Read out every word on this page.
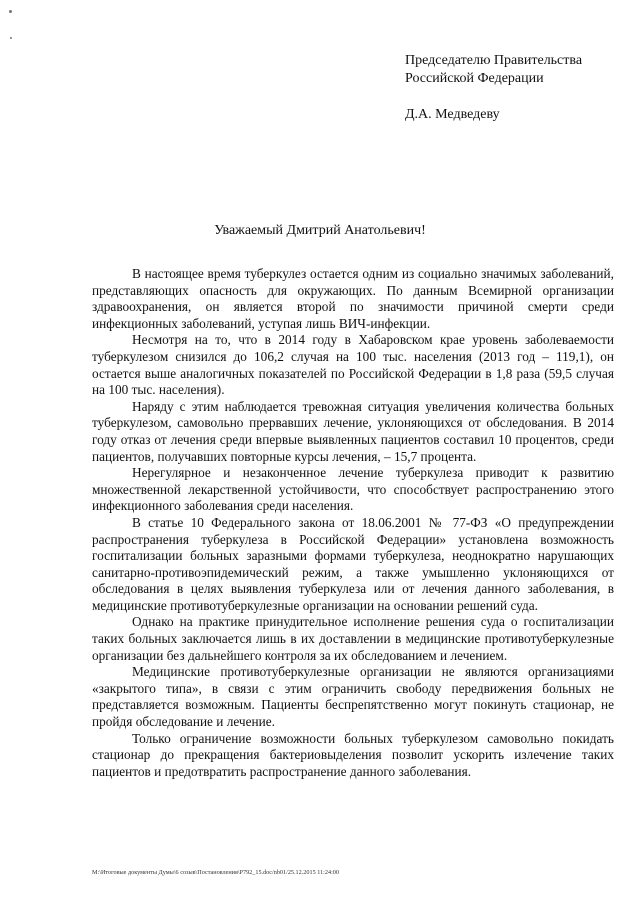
Председателю Правительства
Российской Федерации
Д.А. Медведеву
Уважаемый Дмитрий Анатольевич!

В настоящее время туберкулез остается одним из социально значимых заболеваний, представляющих опасность для окружающих. По данным Всемирной организации здравоохранения, он является второй по значимости причиной смерти среди инфекционных заболеваний, уступая лишь ВИЧ-инфекции.

Несмотря на то, что в 2014 году в Хабаровском крае уровень заболеваемости туберкулезом снизился до 106,2 случая на 100 тыс. населения (2013 год – 119,1), он остается выше аналогичных показателей по Российской Федерации в 1,8 раза (59,5 случая на 100 тыс. населения).

Наряду с этим наблюдается тревожная ситуация увеличения количества больных туберкулезом, самовольно прервавших лечение, уклоняющихся от обследования. В 2014 году отказ от лечения среди впервые выявленных пациентов составил 10 процентов, среди пациентов, получавших повторные курсы лечения, – 15,7 процента.

Нерегулярное и незаконченное лечение туберкулеза приводит к развитию множественной лекарственной устойчивости, что способствует распространению этого инфекционного заболевания среди населения.

В статье 10 Федерального закона от 18.06.2001 № 77-ФЗ «О предупреждении распространения туберкулеза в Российской Федерации» установлена возможность госпитализации больных заразными формами туберкулеза, неоднократно нарушающих санитарно-противоэпидемический режим, а также умышленно уклоняющихся от обследования в целях выявления туберкулеза или от лечения данного заболевания, в медицинские противотуберкулезные организации на основании решений суда.

Однако на практике принудительное исполнение решения суда о госпитализации таких больных заключается лишь в их доставлении в медицинские противотуберкулезные организации без дальнейшего контроля за их обследованием и лечением.

Медицинские противотуберкулезные организации не являются организациями «закрытого типа», в связи с этим ограничить свободу передвижения больных не представляется возможным. Пациенты беспрепятственно могут покинуть стационар, не пройдя обследование и лечение.

Только ограничение возможности больных туберкулезом самовольно покидать стационар до прекращения бактериовыделения позволит ускорить излечение таких пациентов и предотвратить распространение данного заболевания.

M:\Итоговые документы Думы\6 созыв\Постановления\P792_15.doc/nb01/25.12.2015 11:24:00
